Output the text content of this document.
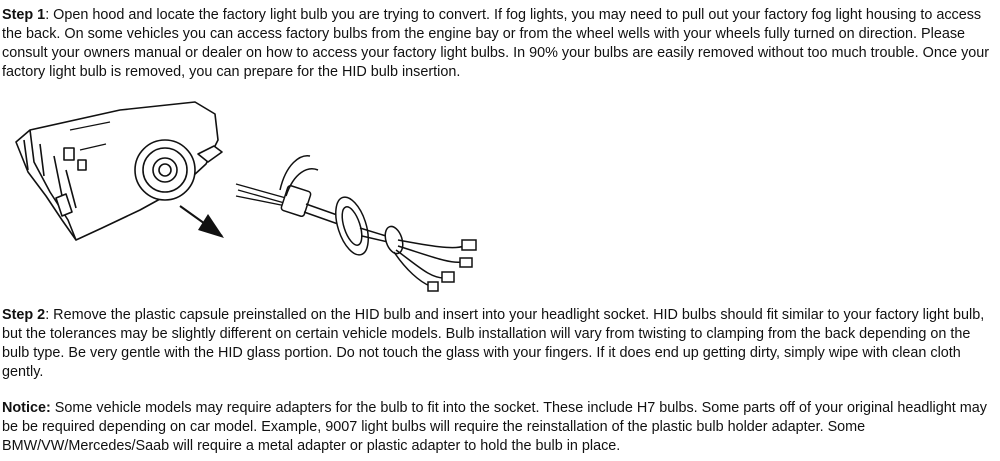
Step 1: Open hood and locate the factory light bulb you are trying to convert. If fog lights, you may need to pull out your factory fog light housing to access the back. On some vehicles you can access factory bulbs from the engine bay or from the wheel wells with your wheels fully turned on direction. Please consult your owners manual or dealer on how to access your factory light bulbs. In 90% your bulbs are easily removed without too much trouble. Once your factory light bulb is removed, you can prepare for the HID bulb insertion.

Step 2: Remove the plastic capsule preinstalled on the HID bulb and insert into your headlight socket. HID bulbs should fit similar to your factory light bulb, but the tolerances may be slightly different on certain vehicle models. Bulb installation will vary from twisting to clamping from the back depending on the bulb type. Be very gentle with the HID glass portion. Do not touch the glass with your fingers. If it does end up getting dirty, simply wipe with clean cloth gently.

Notice: Some vehicle models may require adapters for the bulb to fit into the socket. These include H7 bulbs. Some parts off of your original headlight may be be required depending on car model. Example, 9007 light bulbs will require the reinstallation of the plastic bulb holder adapter. Some BMW/VW/Mercedes/Saab will require a metal adapter or plastic adapter to hold the bulb in place.
